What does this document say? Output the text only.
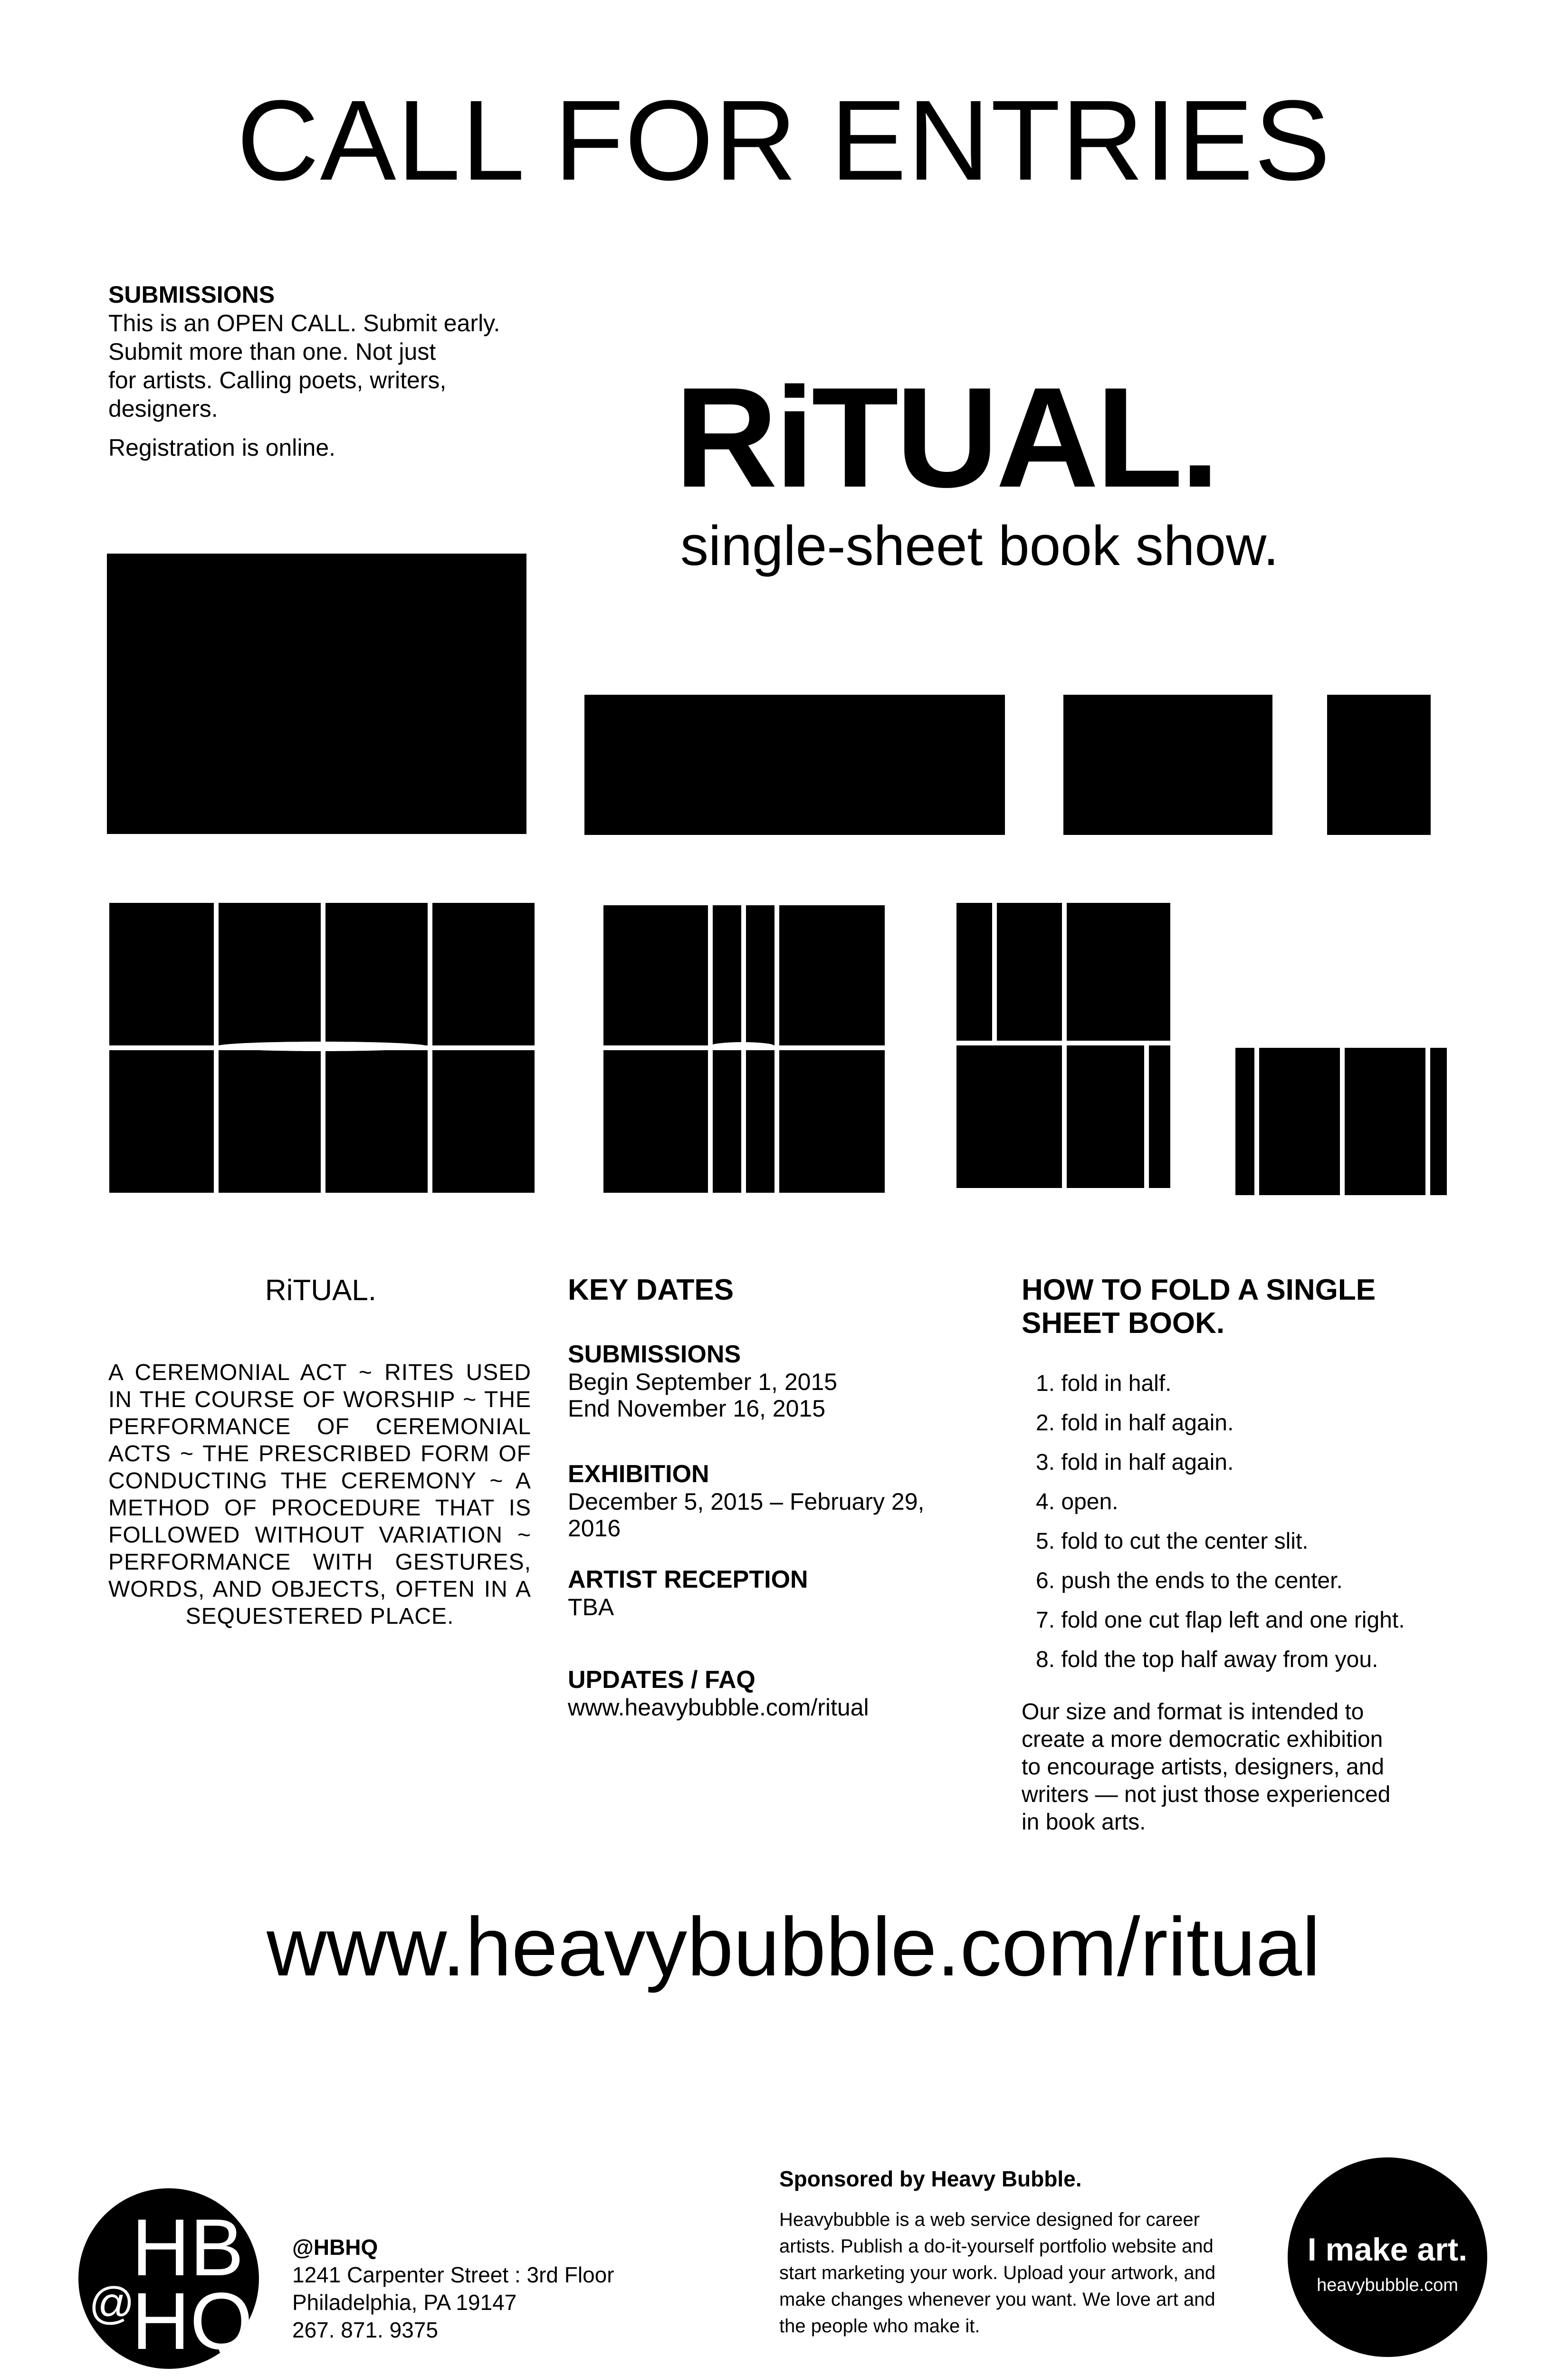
CALL FOR ENTRIES
SUBMISSIONS

This is an OPEN CALL. Submit early.

Submit more than one. Not just

for artists. Calling poets, writers,

designers.

Registration is online.	RiTUAL.
single-sheet book show.
RiTUAL.
A CEREMONIAL ACT ~ RITES USED IN THE COURSE OF WORSHIP ~ THE PERFORMANCE OF CEREMONIAL ACTS ~ THE PRESCRIBED FORM OF CONDUCTING THE CEREMONY ~ A METHOD OF PROCEDURE THAT IS FOLLOWED WITHOUT VARIATION ~ PERFORMANCE WITH GESTURES, WORDS, AND OBJECTS, OFTEN IN A SEQUESTERED PLACE.
KEY DATES
SUBMISSIONS

Begin September 1, 2015

End November 16, 2015

EXHIBITION

December 5, 2015 – February 29,

2016

ARTIST RECEPTION

TBA

UPDATES / FAQ

www.heavybubble.com/ritual

HOW TO FOLD A SINGLE
SHEET BOOK.
1. fold in half.
2. fold in half again.
3. fold in half again.
4. open.
5. fold to cut the center slit.
6. push the ends to the center.
7. fold one cut flap left and one right.
8. fold the top half away from you.
Our size and format is intended to
create a more democratic exhibition
to encourage artists, designers, and
writers — not just those experienced
in book arts.
www.heavybubble.com/ritual
@
HB
HQ

@HBHQ

1241 Carpenter Street : 3rd Floor

Philadelphia, PA 19147

267. 871. 9375

Sponsored by Heavy Bubble.

Heavybubble is a web service designed for career
artists. Publish a do-it-yourself portfolio website and
start marketing your work. Upload your artwork, and
make changes whenever you want. We love art and
the people who make it.
I make art.
heavybubble.com
